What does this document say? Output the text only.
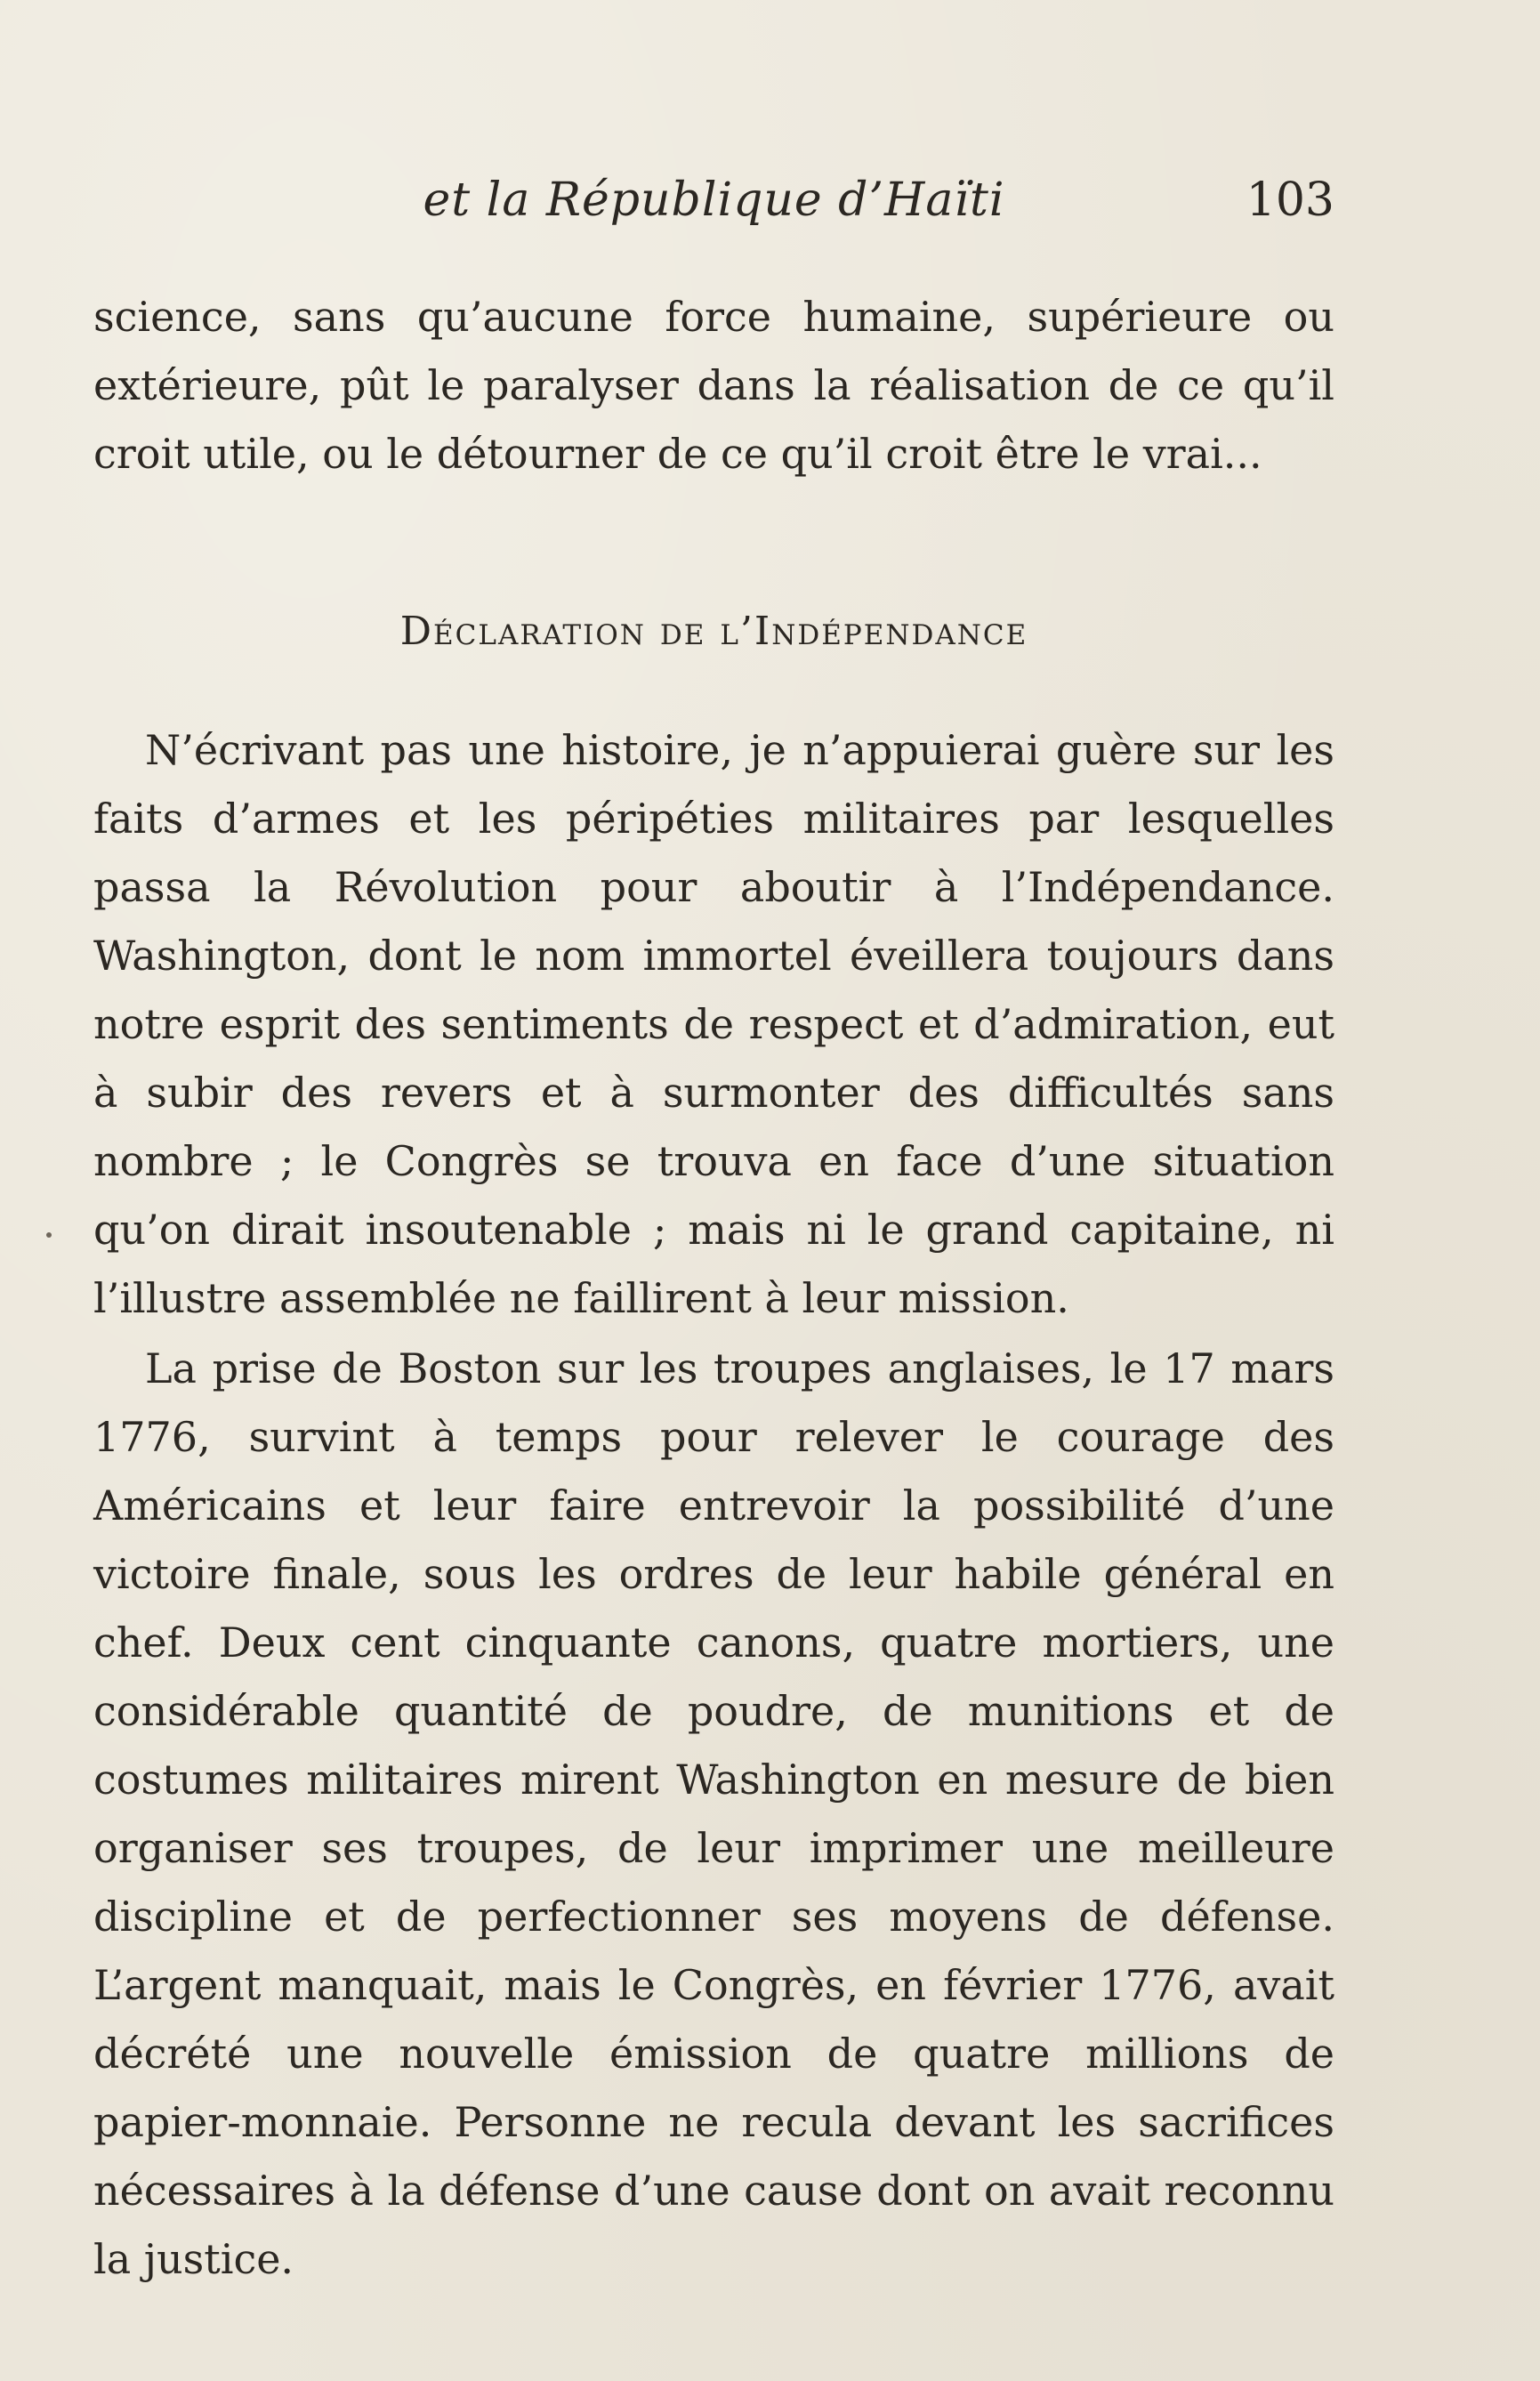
et la République d’Haïti	103

science, sans qu’aucune force humaine, supérieure ou extérieure, pût le paralyser dans la réalisation de ce qu’il croit utile, ou le détourner de ce qu’il croit être le vrai...

Déclaration de l’Indépendance

N’écrivant pas une histoire, je n’appuierai guère sur les faits d’armes et les péripéties militaires par lesquelles passa la Révolution pour aboutir à l’Indépendance. Washington, dont le nom immortel éveillera toujours dans notre esprit des sentiments de respect et d’admiration, eut à subir des revers et à surmonter des difficultés sans nombre ; le Congrès se trouva en face d’une situation qu’on dirait insoutenable ; mais ni le grand capitaine, ni l’illustre assemblée ne faillirent à leur mission.

La prise de Boston sur les troupes anglaises, le 17 mars 1776, survint à temps pour relever le courage des Américains et leur faire entrevoir la possibilité d’une victoire finale, sous les ordres de leur habile général en chef. Deux cent cinquante canons, quatre mortiers, une considérable quantité de poudre, de munitions et de costumes militaires mirent Washington en mesure de bien organiser ses troupes, de leur imprimer une meilleure discipline et de perfectionner ses moyens de défense. L’argent manquait, mais le Congrès, en février 1776, avait décrété une nouvelle émission de quatre millions de papier-monnaie. Personne ne recula devant les sacrifices nécessaires à la défense d’une cause dont on avait reconnu la justice.
